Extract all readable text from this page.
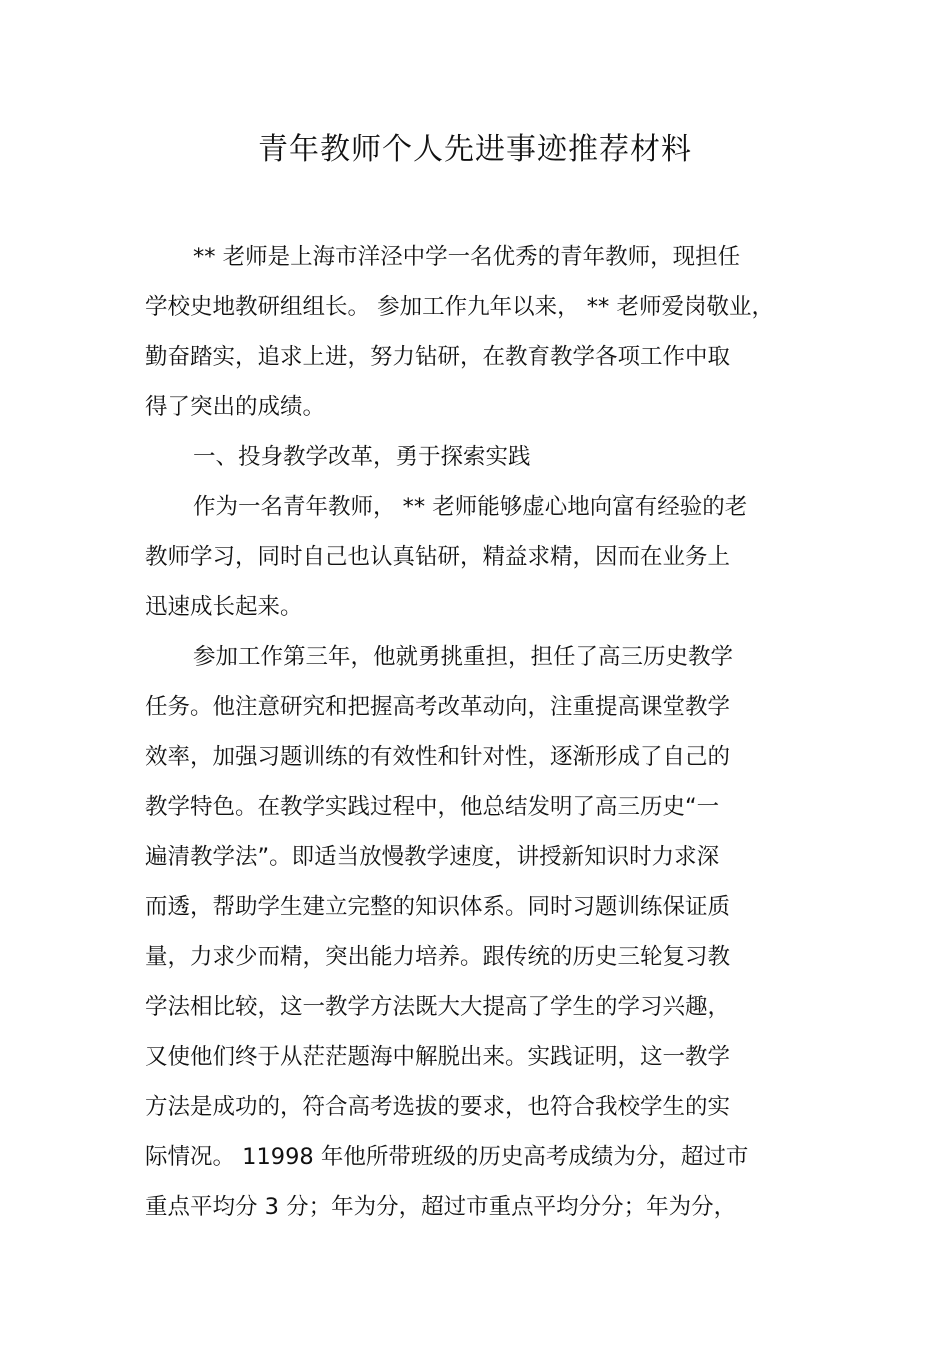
青年教师个人先进事迹推荐材料
** 老师是上海市洋泾中学一名优秀的青年教师，现担任
学校史地教研组组长。 参加工作九年以来， ** 老师爱岗敬业，
勤奋踏实，追求上进，努力钻研，在教育教学各项工作中取
得了突出的成绩。
一、投身教学改革，勇于探索实践
作为一名青年教师， ** 老师能够虚心地向富有经验的老
教师学习，同时自己也认真钻研，精益求精，因而在业务上
迅速成长起来。
参加工作第三年，他就勇挑重担，担任了高三历史教学
任务。他注意研究和把握高考改革动向，注重提高课堂教学
效率，加强习题训练的有效性和针对性，逐渐形成了自己的
教学特色。在教学实践过程中，他总结发明了高三历史“一
遍清教学法”。即适当放慢教学速度，讲授新知识时力求深
而透，帮助学生建立完整的知识体系。同时习题训练保证质
量，力求少而精，突出能力培养。跟传统的历史三轮复习教
学法相比较，这一教学方法既大大提高了学生的学习兴趣，
又使他们终于从茫茫题海中解脱出来。实践证明，这一教学
方法是成功的，符合高考选拔的要求，也符合我校学生的实
际情况。 11998 年他所带班级的历史高考成绩为分，超过市
重点平均分 3 分；年为分，超过市重点平均分分；年为分，
